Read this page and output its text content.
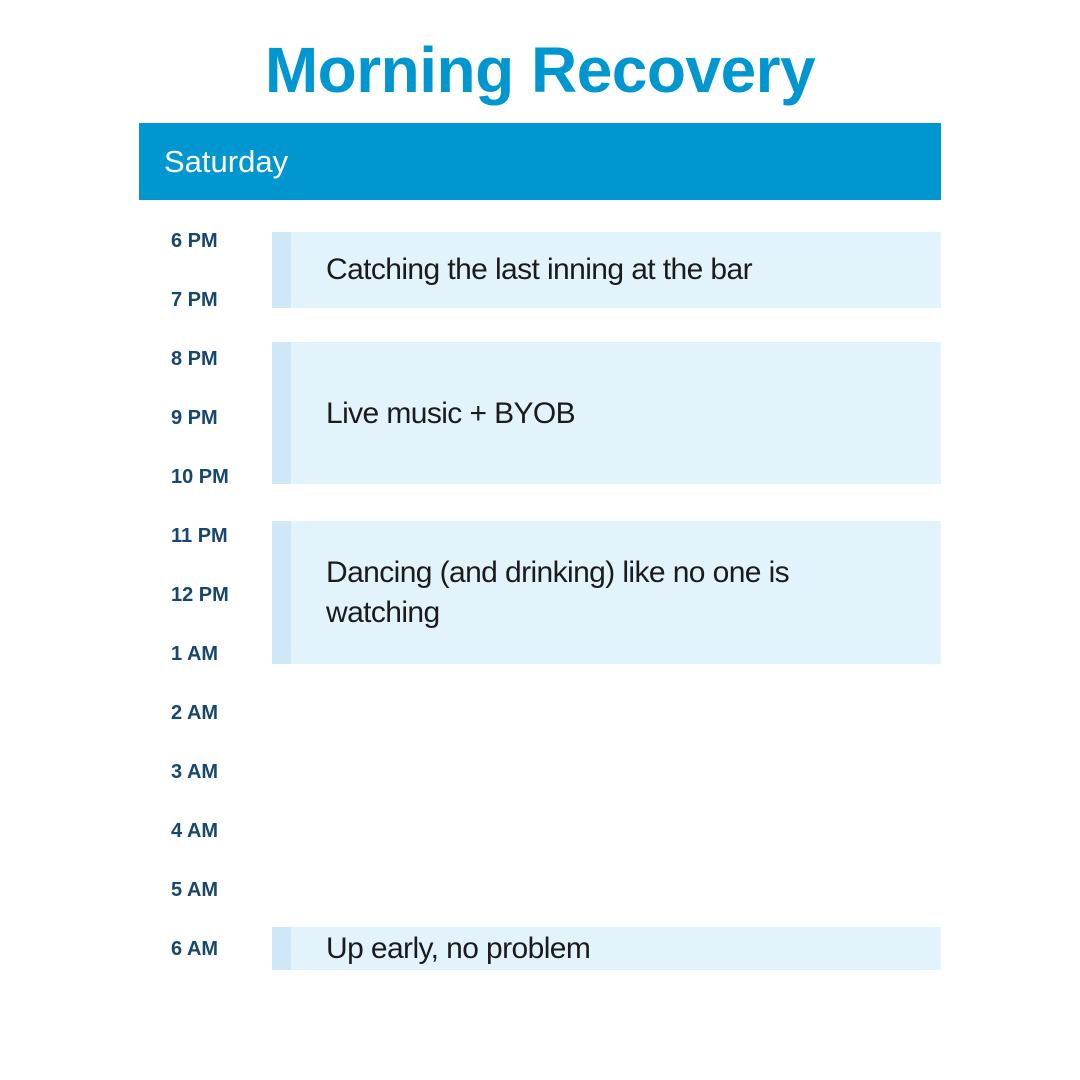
Morning Recovery
Saturday
6 PM
7 PM
8 PM
9 PM
10 PM
11 PM
12 PM
1 AM
2 AM
3 AM
4 AM
5 AM
6 AM
Catching the last inning at the bar
Live music + BYOB
Dancing (and drinking) like no one is watching
Up early, no problem
